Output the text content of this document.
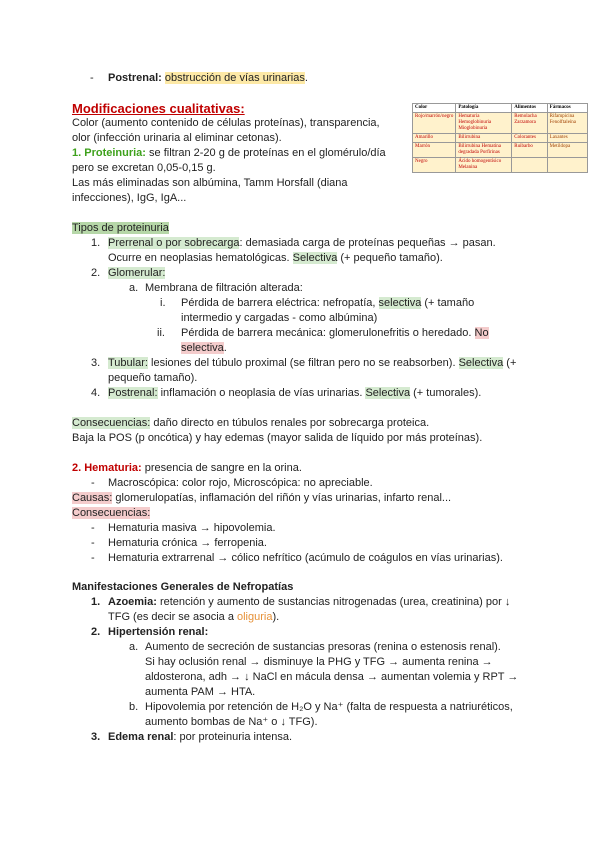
- Postrenal: obstrucción de vías urinarias.
Modificaciones cualitativas:
Color (aumento contenido de células proteínas), transparencia,
olor (infección urinaria al eliminar cetonas).
1. Proteinuria: se filtran 2-20 g de proteínas en el glomérulo/día
pero se excretan 0,05-0,15 g.
Las más eliminadas son albúmina, Tamm Horsfall (diana
infecciones), IgG, IgA...
Color	Patología	Alimentos	Fármacos
Rojo/marrón/negro	Hematuria Hemoglobinuria Mioglobinuria	Remolacha Zarzamora	Rifampicina Fenolftaleína
Amarillo	Bilirrubina	Colorantes	Laxantes
Marrón	Bilirrubina Hematina degradada Porfirinas	Ruibarbo	Metildopa
Negro	Ácido homogentísico Melanina		
Tipos de proteinuria
1. Prerrenal o por sobrecarga: demasiada carga de proteínas pequeñas → pasan.
Ocurre en neoplasias hematológicas. Selectiva (+ pequeño tamaño).
2. Glomerular:
a. Membrana de filtración alterada:
i. Pérdida de barrera eléctrica: nefropatía, selectiva (+ tamaño
intermedio y cargadas - como albúmina)
ii. Pérdida de barrera mecánica: glomerulonefritis o heredado. No
selectiva.
3. Tubular: lesiones del túbulo proximal (se filtran pero no se reabsorben). Selectiva (+
pequeño tamaño).
4. Postrenal: inflamación o neoplasia de vías urinarias. Selectiva (+ tumorales).
Consecuencias: daño directo en túbulos renales por sobrecarga proteica.
Baja la POS (p oncótica) y hay edemas (mayor salida de líquido por más proteínas).
2. Hematuria: presencia de sangre en la orina.
- Macroscópica: color rojo, Microscópica: no apreciable.
Causas: glomerulopatías, inflamación del riñón y vías urinarias, infarto renal...
Consecuencias:
- Hematuria masiva → hipovolemia.
- Hematuria crónica → ferropenia.
- Hematuria extrarrenal → cólico nefrítico (acúmulo de coágulos en vías urinarias).
Manifestaciones Generales de Nefropatías
1. Azoemia: retención y aumento de sustancias nitrogenadas (urea, creatinina) por ↓
TFG (es decir se asocia a oliguria).
2. Hipertensión renal:
a. Aumento de secreción de sustancias presoras (renina o estenosis renal).
Si hay oclusión renal → disminuye la PHG y TFG → aumenta renina →
aldosterona, adh → ↓ NaCl en mácula densa → aumentan volemia y RPT →
aumenta PAM → HTA.
b. Hipovolemia por retención de H₂O y Na⁺ (falta de respuesta a natriuréticos,
aumento bombas de Na⁺ o ↓ TFG).
3. Edema renal: por proteinuria intensa.
